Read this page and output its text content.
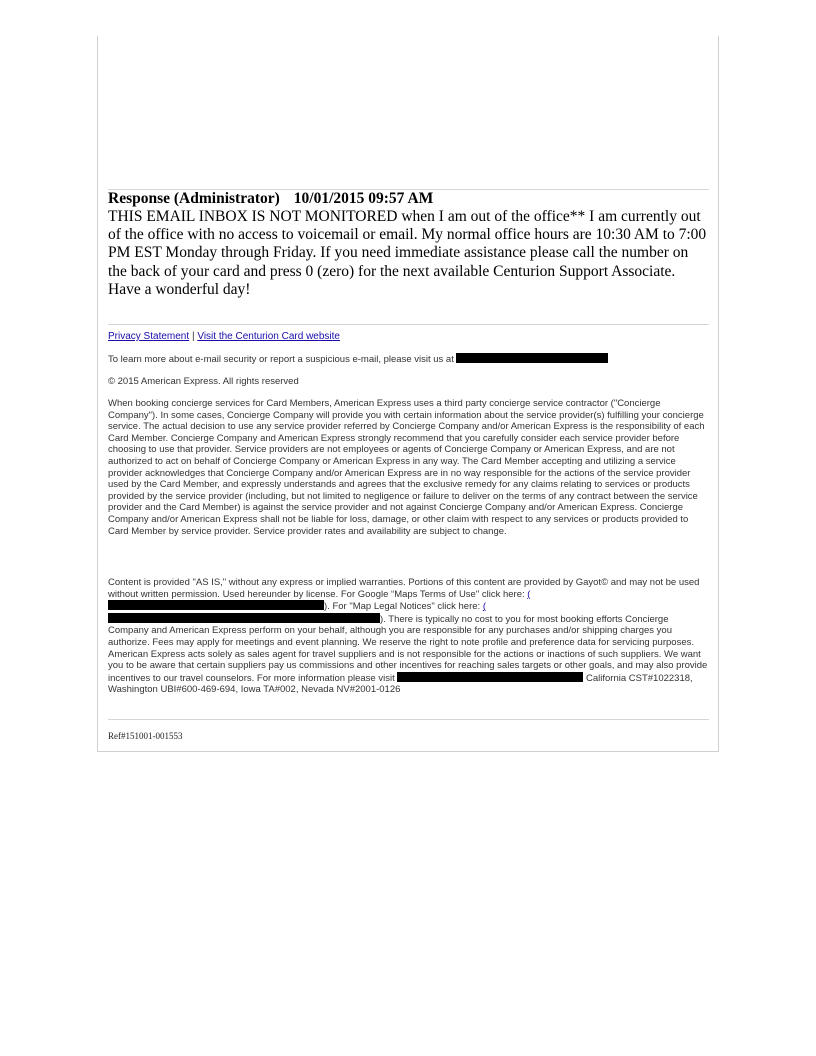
Response (Administrator) 10/01/2015 09:57 AM
THIS EMAIL INBOX IS NOT MONITORED when I am out of the office** I am currently out of the office with no access to voicemail or email. My normal office hours are 10:30 AM to 7:00 PM EST Monday through Friday. If you need immediate assistance please call the number on the back of your card and press 0 (zero) for the next available Centurion Support Associate. Have a wonderful day!
Privacy Statement | Visit the Centurion Card website
To learn more about e-mail security or report a suspicious e-mail, please visit us at
© 2015 American Express. All rights reserved
When booking concierge services for Card Members, American Express uses a third party concierge service contractor ("Concierge Company"). In some cases, Concierge Company will provide you with certain information about the service provider(s) fulfilling your concierge service. The actual decision to use any service provider referred by Concierge Company and/or American Express is the responsibility of each Card Member. Concierge Company and American Express strongly recommend that you carefully consider each service provider before choosing to use that provider. Service providers are not employees or agents of Concierge Company or American Express, and are not authorized to act on behalf of Concierge Company or American Express in any way. The Card Member accepting and utilizing a service provider acknowledges that Concierge Company and/or American Express are in no way responsible for the actions of the service provider used by the Card Member, and expressly understands and agrees that the exclusive remedy for any claims relating to services or products provided by the service provider (including, but not limited to negligence or failure to deliver on the terms of any contract between the service provider and the Card Member) is against the service provider and not against Concierge Company and/or American Express. Concierge Company and/or American Express shall not be liable for loss, damage, or other claim with respect to any services or products provided to Card Member by service provider. Service provider rates and availability are subject to change.
Content is provided "AS IS," without any express or implied warranties. Portions of this content are provided by Gayot© and may not be used without written permission. Used hereunder by license. For Google “Maps Terms of Use" click here: (). For "Map Legal Notices" click here: (). There is typically no cost to you for most booking efforts Concierge Company and American Express perform on your behalf, although you are responsible for any purchases and/or shipping charges you authorize. Fees may apply for meetings and event planning. We reserve the right to note profile and preference data for servicing purposes. American Express acts solely as sales agent for travel suppliers and is not responsible for the actions or inactions of such suppliers. We want you to be aware that certain suppliers pay us commissions and other incentives for reaching sales targets or other goals, and may also provide incentives to our travel counselors. For more information please visit	California CST#1022318, Washington UBI#600-469-694, Iowa TA#002, Nevada NV#2001-0126
Ref#151001-001553
